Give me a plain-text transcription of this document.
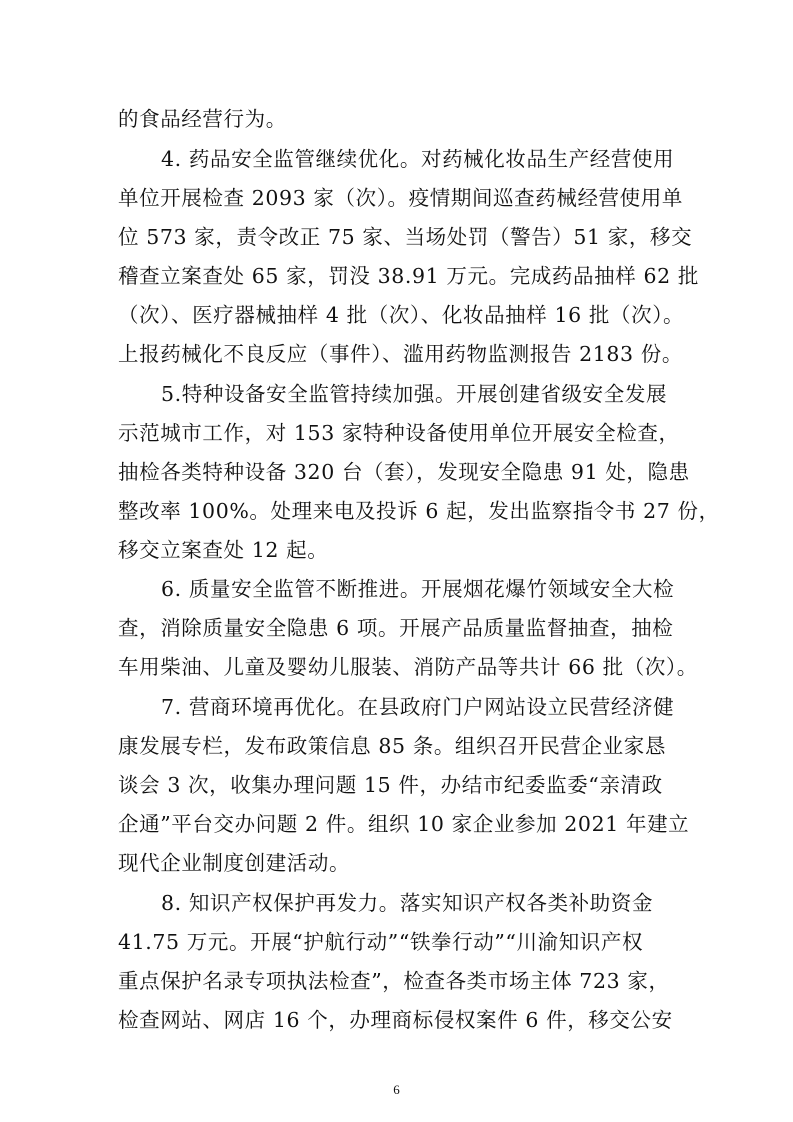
的食品经营行为。
4. 药品安全监管继续优化。对药械化妆品生产经营使用
单位开展检查 2093 家（次）。疫情期间巡查药械经营使用单
位 573 家，责令改正 75 家、当场处罚（警告）51 家，移交
稽查立案查处 65 家，罚没 38.91 万元。完成药品抽样 62 批
（次）、医疗器械抽样 4 批（次）、化妆品抽样 16 批（次）。
上报药械化不良反应（事件）、滥用药物监测报告 2183 份。
5.特种设备安全监管持续加强。开展创建省级安全发展
示范城市工作，对 153 家特种设备使用单位开展安全检查，
抽检各类特种设备 320 台（套），发现安全隐患 91 处，隐患
整改率 100%。处理来电及投诉 6 起，发出监察指令书 27 份，
移交立案查处 12 起。
6. 质量安全监管不断推进。开展烟花爆竹领域安全大检
查，消除质量安全隐患 6 项。开展产品质量监督抽查，抽检
车用柴油、儿童及婴幼儿服装、消防产品等共计 66 批（次）。
7. 营商环境再优化。在县政府门户网站设立民营经济健
康发展专栏，发布政策信息 85 条。组织召开民营企业家恳
谈会 3 次，收集办理问题 15 件，办结市纪委监委“亲清政
企通”平台交办问题 2 件。组织 10 家企业参加 2021 年建立
现代企业制度创建活动。
8. 知识产权保护再发力。落实知识产权各类补助资金
41.75 万元。开展“护航行动”“铁拳行动”“川渝知识产权
重点保护名录专项执法检查”，检查各类市场主体 723 家，
检查网站、网店 16 个，办理商标侵权案件 6 件，移交公安
6
